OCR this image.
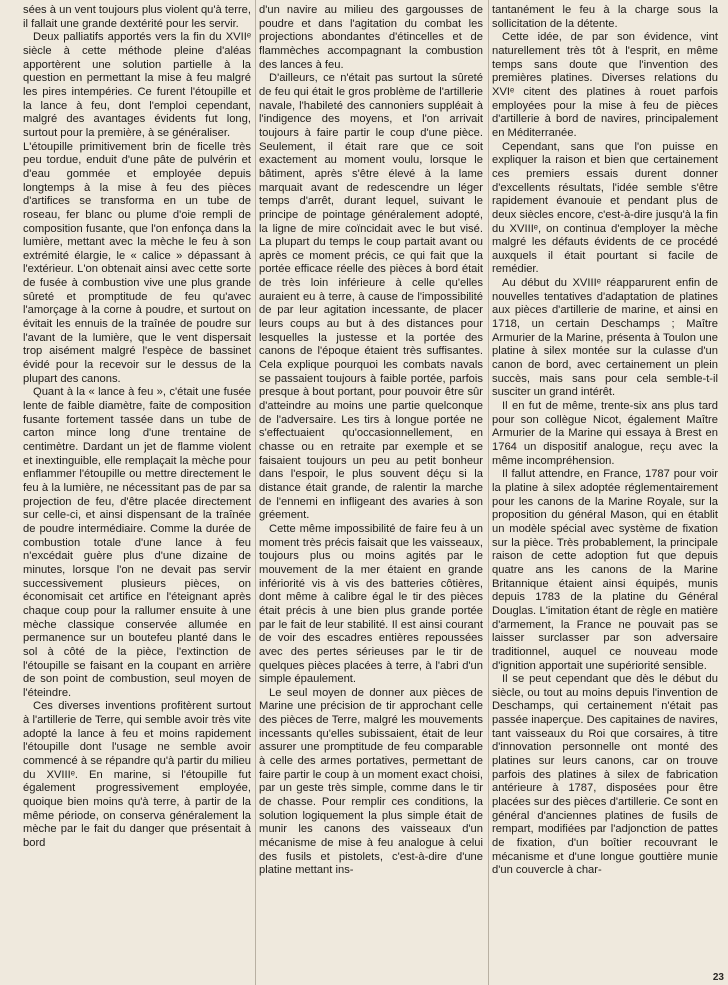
sées à un vent toujours plus violent qu'à terre, il fallait une grande dextérité pour les servir.

Deux palliatifs apportés vers la fin du XVIIᵉ siècle à cette méthode pleine d'aléas apportèrent une solution partielle à la question en permettant la mise à feu malgré les pires intempéries. Ce furent l'étoupille et la lance à feu, dont l'emploi cependant, malgré des avantages évidents fut long, surtout pour la première, à se généraliser.

L'étoupille primitivement brin de ficelle très peu tordue, enduit d'une pâte de pulvérin et d'eau gommée et employée depuis longtemps à la mise à feu des pièces d'artifices se transforma en un tube de roseau, fer blanc ou plume d'oie rempli de composition fusante, que l'on enfonça dans la lumière, mettant avec la mèche le feu à son extrémité élargie, le « calice » dépassant à l'extérieur. L'on obtenait ainsi avec cette sorte de fusée à combustion vive une plus grande sûreté et promptitude de feu qu'avec l'amorçage à la corne à poudre, et surtout on évitait les ennuis de la traînée de poudre sur l'avant de la lumière, que le vent dispersait trop aisément malgré l'espèce de bassinet évidé pour la recevoir sur le dessus de la plupart des canons.

Quant à la « lance à feu », c'était une fusée lente de faible diamètre, faite de composition fusante fortement tassée dans un tube de carton mince long d'une trentaine de centimètre. Dardant un jet de flamme violent et inextinguible, elle remplaçait la mèche pour enflammer l'étoupille ou mettre directement le feu à la lumière, ne nécessitant pas de par sa projection de feu, d'être placée directement sur celle-ci, et ainsi dispensant de la traînée de poudre intermédiaire. Comme la durée de combustion totale d'une lance à feu n'excédait guère plus d'une dizaine de minutes, lorsque l'on ne devait pas servir successivement plusieurs pièces, on économisait cet artifice en l'éteignant après chaque coup pour la rallumer ensuite à une mèche classique conservée allumée en permanence sur un boutefeu planté dans le sol à côté de la pièce, l'extinction de l'étoupille se faisant en la coupant en arrière de son point de combustion, seul moyen de l'éteindre.

Ces diverses inventions profitèrent surtout à l'artillerie de Terre, qui semble avoir très vite adopté la lance à feu et moins rapidement l'étoupille dont l'usage ne semble avoir commencé à se répandre qu'à partir du milieu du XVIIIᵉ. En marine, si l'étoupille fut également progressivement employée, quoique bien moins qu'à terre, à partir de la même période, on conserva généralement la mèche par le fait du danger que présentait à bord

d'un navire au milieu des gargousses de poudre et dans l'agitation du combat les projections abondantes d'étincelles et de flammèches accompagnant la combustion des lances à feu.

D'ailleurs, ce n'était pas surtout la sûreté de feu qui était le gros problème de l'artillerie navale, l'habileté des cannoniers suppléait à l'indigence des moyens, et l'on arrivait toujours à faire partir le coup d'une pièce. Seulement, il était rare que ce soit exactement au moment voulu, lorsque le bâtiment, après s'être élevé à la lame marquait avant de redescendre un léger temps d'arrêt, durant lequel, suivant le principe de pointage généralement adopté, la ligne de mire coïncidait avec le but visé. La plupart du temps le coup partait avant ou après ce moment précis, ce qui fait que la portée efficace réelle des pièces à bord était de très loin inférieure à celle qu'elles auraient eu à terre, à cause de l'impossibilité de par leur agitation incessante, de placer leurs coups au but à des distances pour lesquelles la justesse et la portée des canons de l'époque étaient très suffisantes. Cela explique pourquoi les combats navals se passaient toujours à faible portée, parfois presque à bout portant, pour pouvoir être sûr d'atteindre au moins une partie quelconque de l'adversaire. Les tirs à longue portée ne s'effectuaient qu'occasionnellement, en chasse ou en retraite par exemple et se faisaient toujours un peu au petit bonheur dans l'espoir, le plus souvent déçu si la distance était grande, de ralentir la marche de l'ennemi en infligeant des avaries à son gréement.

Cette même impossibilité de faire feu à un moment très précis faisait que les vaisseaux, toujours plus ou moins agités par le mouvement de la mer étaient en grande infériorité vis à vis des batteries côtières, dont même à calibre égal le tir des pièces était précis à une bien plus grande portée par le fait de leur stabilité. Il est ainsi courant de voir des escadres entières repoussées avec des pertes sérieuses par le tir de quelques pièces placées à terre, à l'abri d'un simple épaulement.

Le seul moyen de donner aux pièces de Marine une précision de tir approchant celle des pièces de Terre, malgré les mouvements incessants qu'elles subissaient, était de leur assurer une promptitude de feu comparable à celle des armes portatives, permettant de faire partir le coup à un moment exact choisi, par un geste très simple, comme dans le tir de chasse. Pour remplir ces conditions, la solution logiquement la plus simple était de munir les canons des vaisseaux d'un mécanisme de mise à feu analogue à celui des fusils et pistolets, c'est-à-dire d'une platine mettant ins-

tantanément le feu à la charge sous la sollicitation de la détente.

Cette idée, de par son évidence, vint naturellement très tôt à l'esprit, en même temps sans doute que l'invention des premières platines. Diverses relations du XVIᵉ citent des platines à rouet parfois employées pour la mise à feu de pièces d'artillerie à bord de navires, principalement en Méditerranée.

Cependant, sans que l'on puisse en expliquer la raison et bien que certainement ces premiers essais durent donner d'excellents résultats, l'idée semble s'être rapidement évanouie et pendant plus de deux siècles encore, c'est-à-dire jusqu'à la fin du XVIIIᵉ, on continua d'employer la mèche malgré les défauts évidents de ce procédé auxquels il était pourtant si facile de remédier.

Au début du XVIIIᵉ réapparurent enfin de nouvelles tentatives d'adaptation de platines aux pièces d'artillerie de marine, et ainsi en 1718, un certain Deschamps ; Maître Armurier de la Marine, présenta à Toulon une platine à silex montée sur la culasse d'un canon de bord, avec certainement un plein succès, mais sans pour cela semble-t-il susciter un grand intérêt.

Il en fut de même, trente-six ans plus tard pour son collègue Nicot, également Maître Armurier de la Marine qui essaya à Brest en 1764 un dispositif analogue, reçu avec la même incompréhension.

Il fallut attendre, en France, 1787 pour voir la platine à silex adoptée réglementairement pour les canons de la Marine Royale, sur la proposition du général Mason, qui en établit un modèle spécial avec système de fixation sur la pièce. Très probablement, la principale raison de cette adoption fut que depuis quatre ans les canons de la Marine Britannique étaient ainsi équipés, munis depuis 1783 de la platine du Général Douglas. L'imitation étant de règle en matière d'armement, la France ne pouvait pas se laisser surclasser par son adversaire traditionnel, auquel ce nouveau mode d'ignition apportait une supériorité sensible.

Il se peut cependant que dès le début du siècle, ou tout au moins depuis l'invention de Deschamps, qui certainement n'était pas passée inaperçue. Des capitaines de navires, tant vaisseaux du Roi que corsaires, à titre d'innovation personnelle ont monté des platines sur leurs canons, car on trouve parfois des platines à silex de fabrication antérieure à 1787, disposées pour être placées sur des pièces d'artillerie. Ce sont en général d'anciennes platines de fusils de rempart, modifiées par l'adjonction de pattes de fixation, d'un boîtier recouvrant le mécanisme et d'une longue gouttière munie d'un couvercle à char-

23
